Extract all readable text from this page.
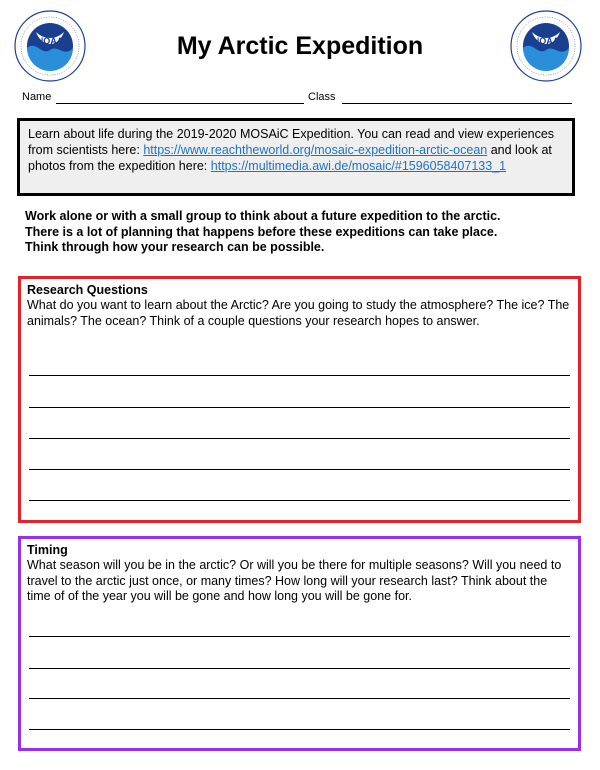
NOAA	NOAA
My Arctic Expedition
Name	Class
Learn about life during the 2019-2020 MOSAiC Expedition. You can read and view experiences from scientists here: https://www.reachtheworld.org/mosaic-expedition-arctic-ocean and look at photos from the expedition here: https://multimedia.awi.de/mosaic/#1596058407133_1
Work alone or with a small group to think about a future expedition to the arctic.
There is a lot of planning that happens before these expeditions can take place.
Think through how your research can be possible.
Research Questions
What do you want to learn about the Arctic? Are you going to study the atmosphere? The ice? The animals? The ocean? Think of a couple questions your research hopes to answer.
Timing
What season will you be in the arctic? Or will you be there for multiple seasons? Will you need to travel to the arctic just once, or many times? How long will your research last? Think about the time of of the year you will be gone and how long you will be gone for.
